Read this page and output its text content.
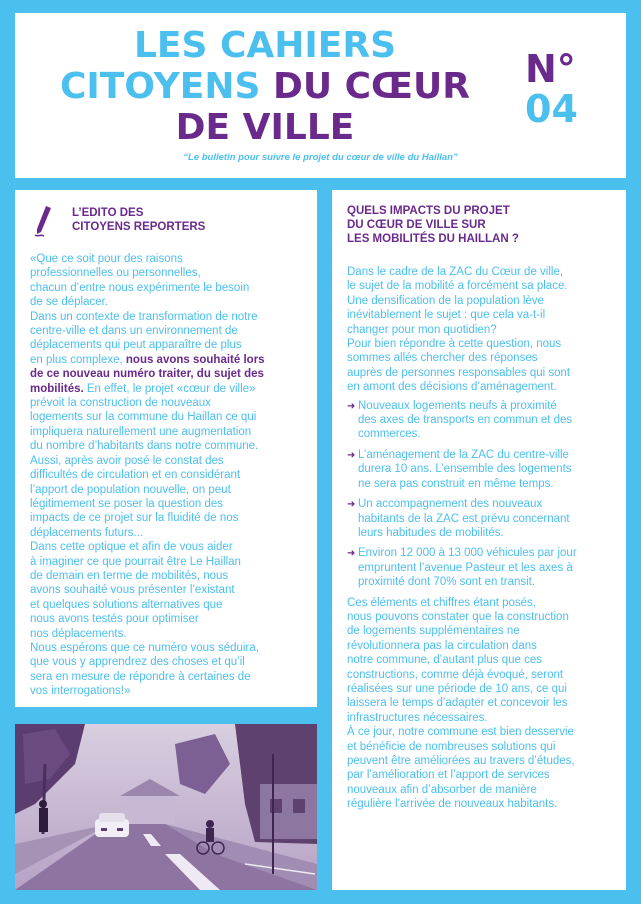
LES CAHIERS
CITOYENS DU CŒUR
DE VILLE
N°
04
“Le bulletin pour suivre le projet du cœur de ville du Haillan”
L’EDITO DES
CITOYENS REPORTERS

«Que ce soit pour des raisons
professionnelles ou personnelles,
chacun d’entre nous expérimente le besoin
de se déplacer.
Dans un contexte de transformation de notre
centre-ville et dans un environnement de
déplacements qui peut apparaître de plus
en plus complexe, nous avons souhaité lors
de ce nouveau numéro traiter, du sujet des
mobilités. En effet, le projet «cœur de ville»
prévoit la construction de nouveaux
logements sur la commune du Haillan ce qui
impliquera naturellement une augmentation
du nombre d’habitants dans notre commune.
Aussi, après avoir posé le constat des
difficultés de circulation et en considérant
l’apport de population nouvelle, on peut
légitimement se poser la question des
impacts de ce projet sur la fluidité de nos
déplacements futurs...

Dans cette optique et afin de vous aider
à imaginer ce que pourrait être Le Haillan
de demain en terme de mobilités, nous
avons souhaité vous présenter l’existant
et quelques solutions alternatives que
nous avons testés pour optimiser
nos déplacements.

Nous espérons que ce numéro vous séduira,
que vous y apprendrez des choses et qu’il
sera en mesure de répondre à certaines de
vos interrogations!»

QUELS IMPACTS DU PROJET
DU CŒUR DE VILLE SUR
LES MOBILITÉS DU HAILLAN ?

Dans le cadre de la ZAC du Cœur de ville,
le sujet de la mobilité a forcément sa place.
Une densification de la population lève
inévitablement le sujet : que cela va-t-il
changer pour mon quotidien?
Pour bien répondre à cette question, nous
sommes allés chercher des réponses
auprès de personnes responsables qui sont
en amont des décisions d’aménagement.

➜ Nouveaux logements neufs à proximité
des axes de transports en commun et des
commerces.
➜ L’aménagement de la ZAC du centre-ville
durera 10 ans. L’ensemble des logements
ne sera pas construit en même temps.
➜ Un accompagnement des nouveaux
habitants de la ZAC est prévu concernant
leurs habitudes de mobilités.
➜ Environ 12 000 à 13 000 véhicules par jour
empruntent l’avenue Pasteur et les axes à
proximité dont 70% sont en transit.

Ces éléments et chiffres étant posés,
nous pouvons constater que la construction
de logements supplémentaires ne
révolutionnera pas la circulation dans
notre commune, d’autant plus que ces
constructions, comme déjà évoqué, seront
réalisées sur une période de 10 ans, ce qui
laissera le temps d’adapter et concevoir les
infrastructures nécessaires.

À ce jour, notre commune est bien desservie
et bénéficie de nombreuses solutions qui
peuvent être améliorées au travers d’études,
par l’amélioration et l’apport de services
nouveaux afin d’absorber de manière
régulière l’arrivée de nouveaux habitants.
